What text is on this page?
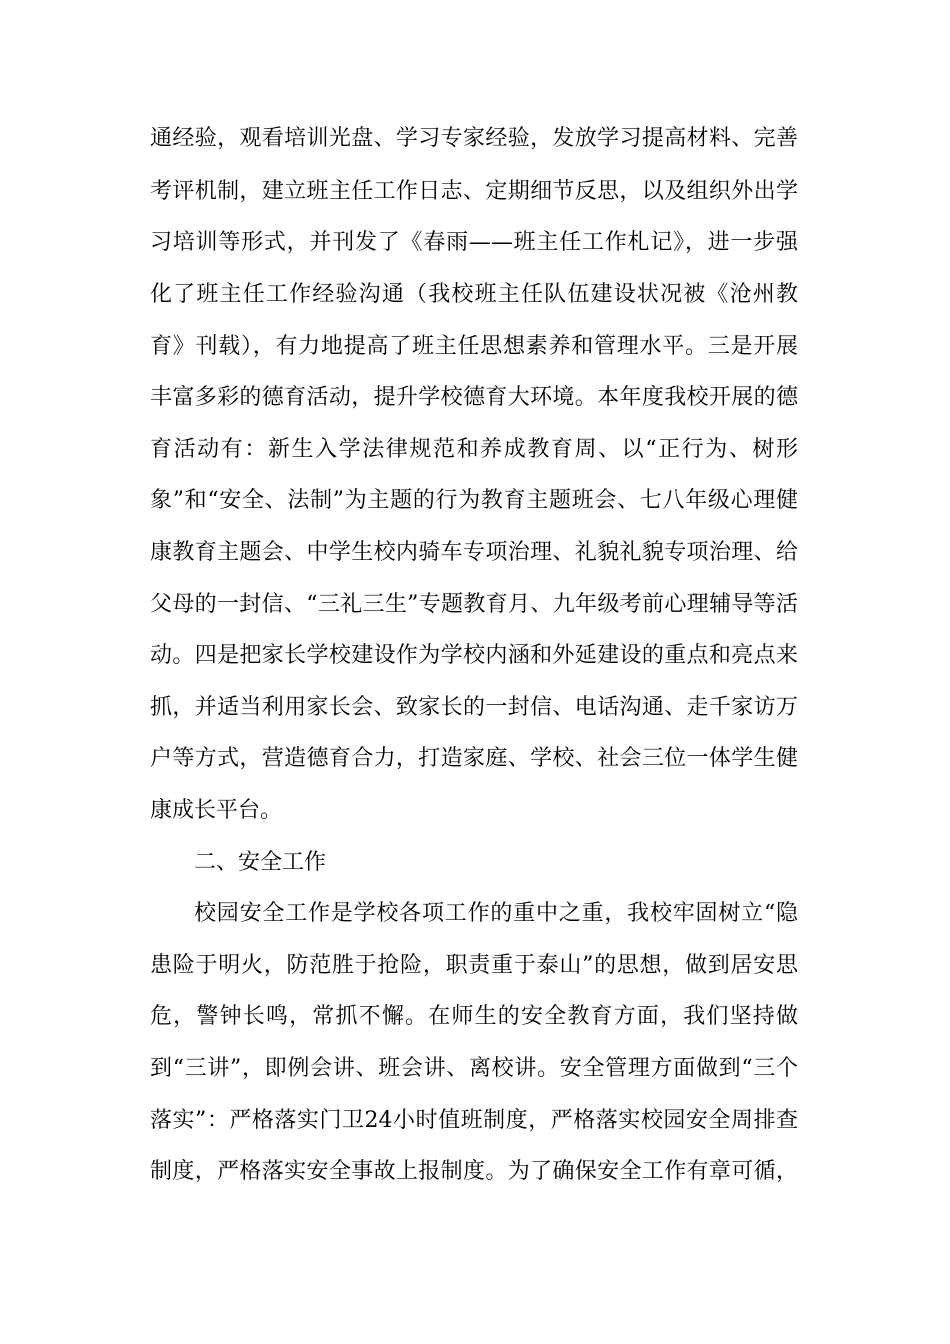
通经验，观看培训光盘、学习专家经验，发放学习提高材料、完善
考评机制，建立班主任工作日志、定期细节反思，以及组织外出学
习培训等形式，并刊发了《春雨——班主任工作札记》，进一步强
化了班主任工作经验沟通（我校班主任队伍建设状况被《沧州教
育》刊载），有力地提高了班主任思想素养和管理水平。三是开展
丰富多彩的德育活动，提升学校德育大环境。本年度我校开展的德
育活动有：新生入学法律规范和养成教育周、以“正行为、树形
象”和“安全、法制”为主题的行为教育主题班会、七八年级心理健
康教育主题会、中学生校内骑车专项治理、礼貌礼貌专项治理、给
父母的一封信、“三礼三生”专题教育月、九年级考前心理辅导等活
动。四是把家长学校建设作为学校内涵和外延建设的重点和亮点来
抓，并适当利用家长会、致家长的一封信、电话沟通、走千家访万
户等方式，营造德育合力，打造家庭、学校、社会三位一体学生健
康成长平台。
二、安全工作
校园安全工作是学校各项工作的重中之重，我校牢固树立“隐
患险于明火，防范胜于抢险，职责重于泰山”的思想，做到居安思
危，警钟长鸣，常抓不懈。在师生的安全教育方面，我们坚持做
到“三讲”，即例会讲、班会讲、离校讲。安全管理方面做到“三个
落实”：严格落实门卫24小时值班制度，严格落实校园安全周排查
制度，严格落实安全事故上报制度。为了确保安全工作有章可循，
